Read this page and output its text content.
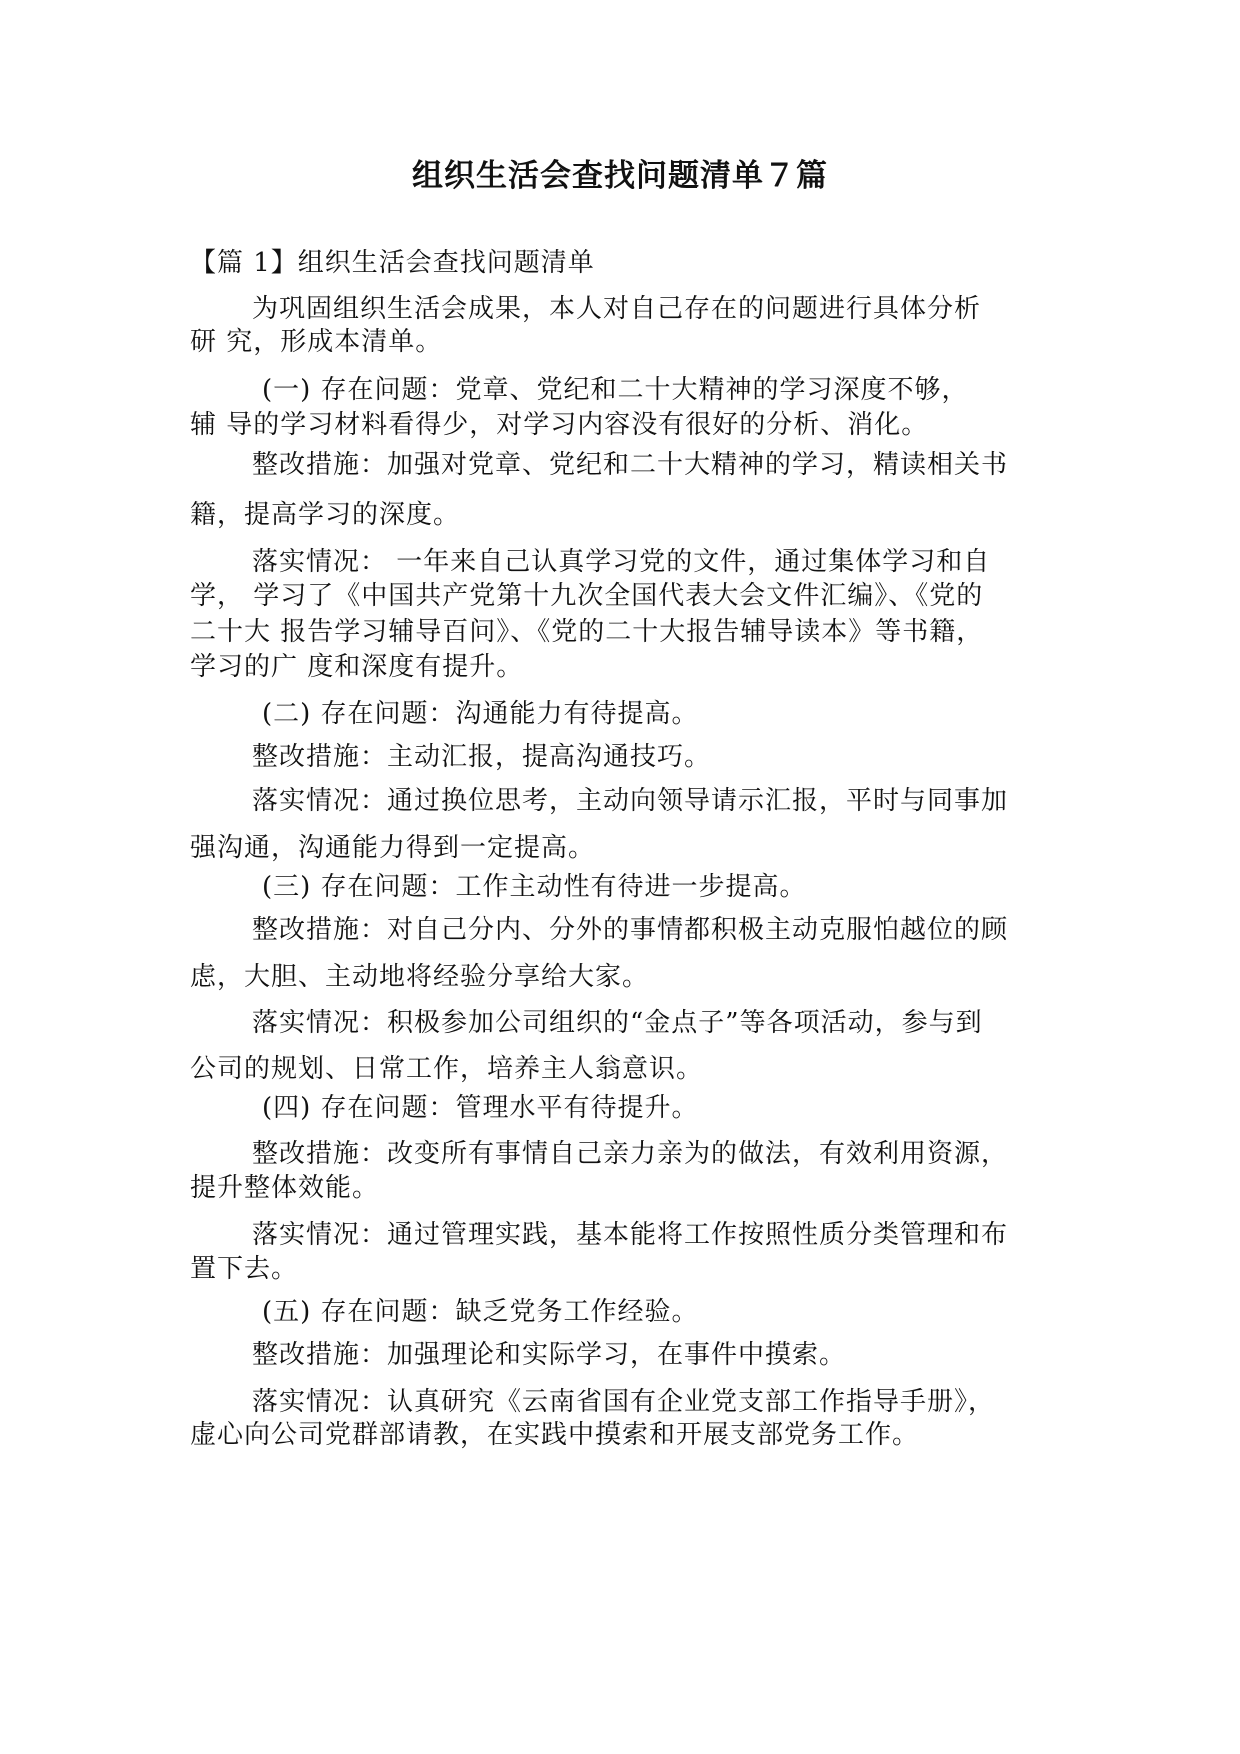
组织生活会查找问题清单７篇

【篇 1】组织生活会查找问题清单

为巩固组织生活会成果，本人对自己存在的问题进行具体分析

研 究，形成本清单。

(一) 存在问题：党章、党纪和二十大精神的学习深度不够，

辅 导的学习材料看得少，对学习内容没有很好的分析、消化。

整改措施：加强对党章、党纪和二十大精神的学习，精读相关书

籍，提高学习的深度。

落实情况： 一年来自己认真学习党的文件，通过集体学习和自

学， 学习了《中国共产党第十九次全国代表大会文件汇编》、《党的

二十大 报告学习辅导百问》、《党的二十大报告辅导读本》等书籍，

学习的广 度和深度有提升。

(二) 存在问题：沟通能力有待提高。

整改措施：主动汇报，提高沟通技巧。

落实情况：通过换位思考，主动向领导请示汇报，平时与同事加

强沟通，沟通能力得到一定提高。

(三) 存在问题：工作主动性有待进一步提高。

整改措施：对自己分内、分外的事情都积极主动克服怕越位的顾

虑，大胆、主动地将经验分享给大家。

落实情况：积极参加公司组织的“金点子”等各项活动，参与到

公司的规划、日常工作，培养主人翁意识。

(四) 存在问题：管理水平有待提升。

整改措施：改变所有事情自己亲力亲为的做法，有效利用资源，

提升整体效能。

落实情况：通过管理实践，基本能将工作按照性质分类管理和布

置下去。

(五) 存在问题：缺乏党务工作经验。

整改措施：加强理论和实际学习，在事件中摸索。

落实情况：认真研究《云南省国有企业党支部工作指导手册》，

虚心向公司党群部请教，在实践中摸索和开展支部党务工作。
